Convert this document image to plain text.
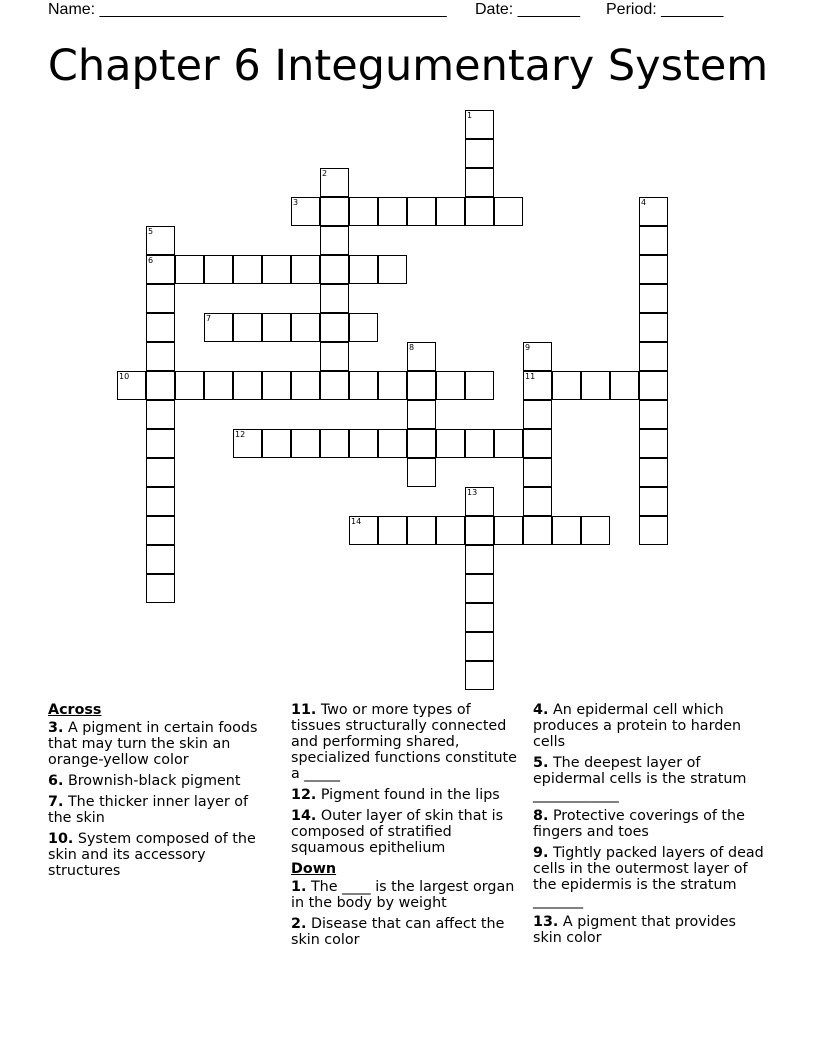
Name: _______________________________________ Date: _______ Period: _______
Chapter 6 Integumentary System
1
2
3	4
5
6
7
8	9
11
10
12
13
14
Across
3. A pigment in certain foods that may turn the skin an orange-yellow color
6. Brownish-black pigment
7. The thicker inner layer of the skin
10. System composed of the skin and its accessory structures
11. Two or more types of tissues structurally connected and performing shared, specialized functions constitute a _____
12. Pigment found in the lips
14. Outer layer of skin that is composed of stratified squamous epithelium
Down
1. The ____ is the largest organ in the body by weight
2. Disease that can affect the skin color
4. An epidermal cell which produces a protein to harden cells
5. The deepest layer of epidermal cells is the stratum ____________
8. Protective coverings of the fingers and toes
9. Tightly packed layers of dead cells in the outermost layer of the epidermis is the stratum _______
13. A pigment that provides skin color
